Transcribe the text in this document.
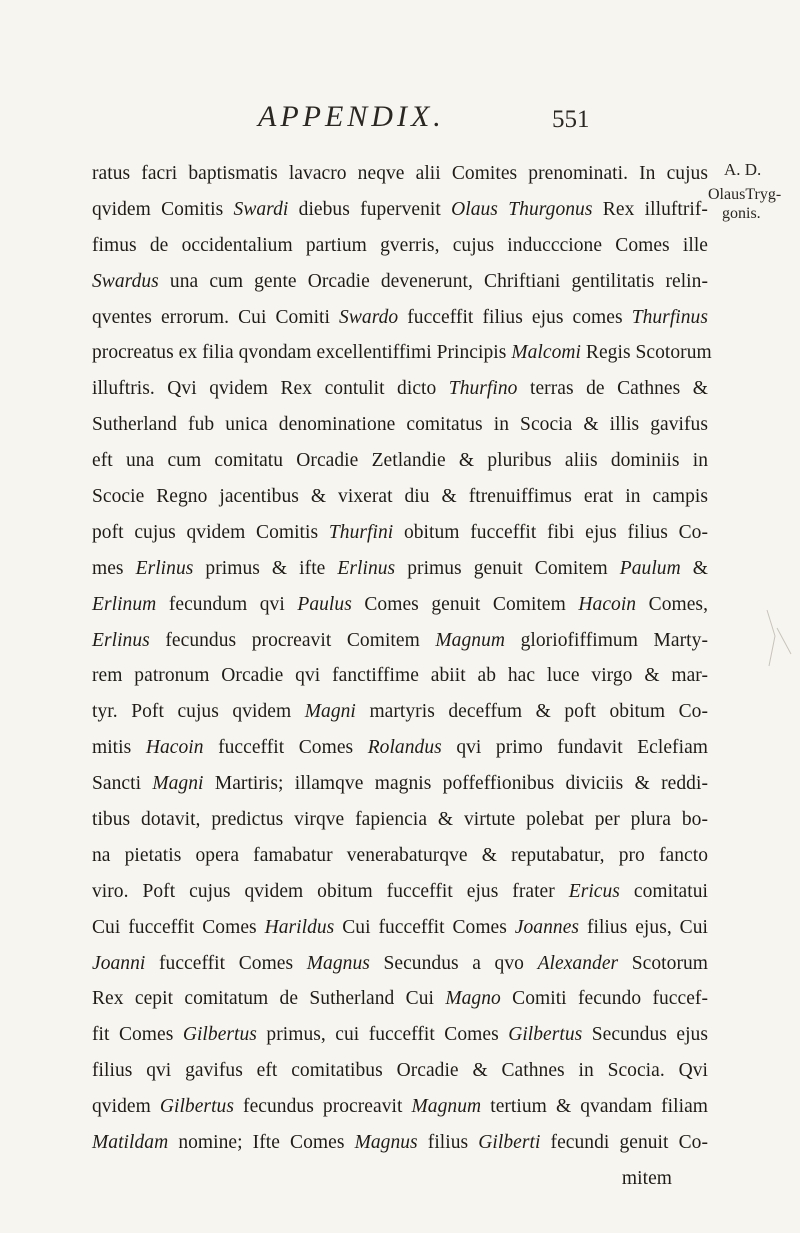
APPENDIX.	551
ratus facri baptismatis lavacro neqve alii Comites prenominati. In cujus
qvidem Comitis Swardi diebus fupervenit Olaus Thurgonus Rex illuftrif-
fimus de occidentalium partium gverris, cujus inducccione Comes ille
Swardus una cum gente Orcadie devenerunt, Chriftiani gentilitatis relin-
qventes errorum. Cui Comiti Swardo fucceffit filius ejus comes Thurfinus
procreatus ex filia qvondam excellentiffimi Principis Malcomi Regis Scotorum
illuftris. Qvi qvidem Rex contulit dicto Thurfino terras de Cathnes &
Sutherland fub unica denominatione comitatus in Scocia & illis gavifus
eft una cum comitatu Orcadie Zetlandie & pluribus aliis dominiis in
Scocie Regno jacentibus & vixerat diu & ftrenuiffimus erat in campis
poft cujus qvidem Comitis Thurfini obitum fucceffit fibi ejus filius Co-
mes Erlinus primus & ifte Erlinus primus genuit Comitem Paulum &
Erlinum fecundum qvi Paulus Comes genuit Comitem Hacoin Comes,
Erlinus fecundus procreavit Comitem Magnum gloriofiffimum Marty-
rem patronum Orcadie qvi fanctiffime abiit ab hac luce virgo & mar-
tyr. Poft cujus qvidem Magni martyris deceffum & poft obitum Co-
mitis Hacoin fucceffit Comes Rolandus qvi primo fundavit Eclefiam
Sancti Magni Martiris; illamqve magnis poffeffionibus diviciis & reddi-
tibus dotavit, predictus virqve fapiencia & virtute polebat per plura bo-
na pietatis opera famabatur venerabaturqve & reputabatur, pro fancto
viro. Poft cujus qvidem obitum fucceffit ejus frater Ericus comitatui
Cui fucceffit Comes Harildus Cui fucceffit Comes Joannes filius ejus, Cui
Joanni fucceffit Comes Magnus Secundus a qvo Alexander Scotorum
Rex cepit comitatum de Sutherland Cui Magno Comiti fecundo fuccef-
fit Comes Gilbertus primus, cui fucceffit Comes Gilbertus Secundus ejus
filius qvi gavifus eft comitatibus Orcadie & Cathnes in Scocia. Qvi
qvidem Gilbertus fecundus procreavit Magnum tertium & qvandam filiam
Matildam nomine; Ifte Comes Magnus filius Gilberti fecundi genuit Co-
mitem
A. D.
OlausTryg-
gonis.
